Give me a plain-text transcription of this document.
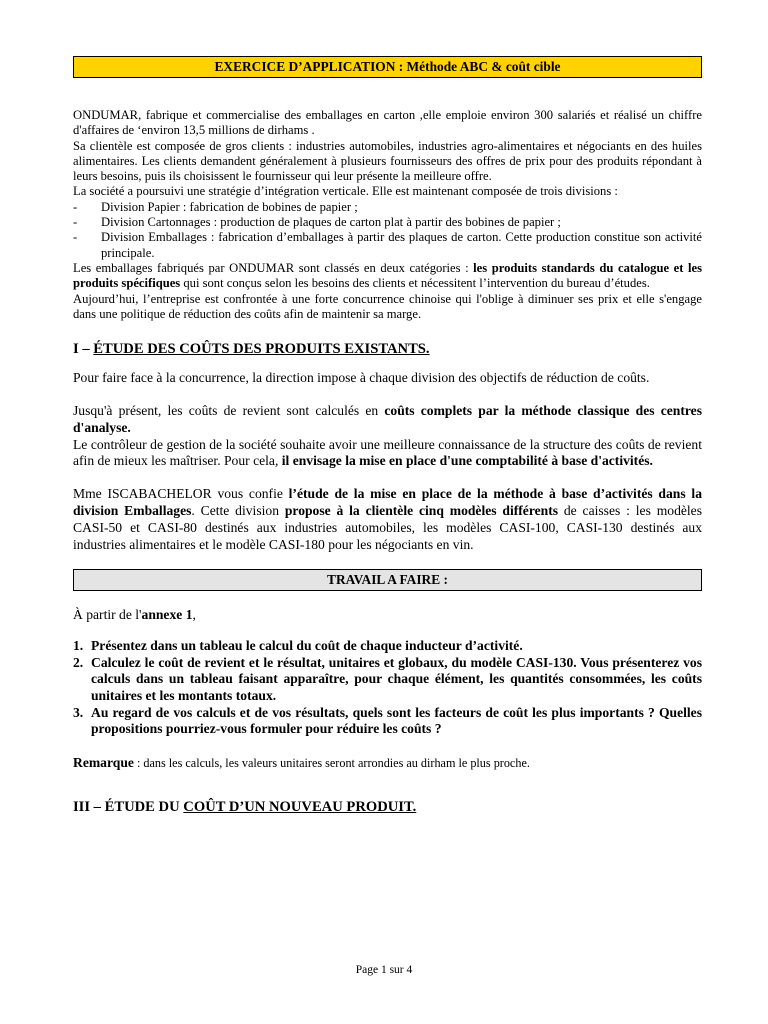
EXERCICE D’APPLICATION : Méthode ABC & coût cible

ONDUMAR, fabrique et commercialise des emballages en carton ,elle emploie environ 300 salariés et réalisé un chiffre d'affaires de ‘environ 13,5 millions de dirhams .

Sa clientèle est composée de gros clients : industries automobiles, industries agro-alimentaires et négociants en des huiles alimentaires. Les clients demandent généralement à plusieurs fournisseurs des offres de prix pour des produits répondant à leurs besoins, puis ils choisissent le fournisseur qui leur présente la meilleure offre.

La société a poursuivi une stratégie d’intégration verticale. Elle est maintenant composée de trois divisions :

- Division Papier : fabrication de bobines de papier ;
- Division Cartonnages : production de plaques de carton plat à partir des bobines de papier ;
- Division Emballages : fabrication d’emballages à partir des plaques de carton. Cette production constitue son activité principale.

Les emballages fabriqués par ONDUMAR sont classés en deux catégories : les produits standards du catalogue et les produits spécifiques qui sont conçus selon les besoins des clients et nécessitent l’intervention du bureau d’études.

Aujourd’hui, l’entreprise est confrontée à une forte concurrence chinoise qui l'oblige à diminuer ses prix et elle s'engage dans une politique de réduction des coûts afin de maintenir sa marge.

I – ÉTUDE DES COÛTS DES PRODUITS EXISTANTS.

Pour faire face à la concurrence, la direction impose à chaque division des objectifs de réduction de coûts.

Jusqu'à présent, les coûts de revient sont calculés en coûts complets par la méthode classique des centres d'analyse.

Le contrôleur de gestion de la société souhaite avoir une meilleure connaissance de la structure des coûts de revient afin de mieux les maîtriser. Pour cela, il envisage la mise en place d'une comptabilité à base d'activités.

Mme ISCABACHELOR vous confie l’étude de la mise en place de la méthode à base d’activités dans la division Emballages. Cette division propose à la clientèle cinq modèles différents de caisses : les modèles CASI-50 et CASI-80 destinés aux industries automobiles, les modèles CASI-100, CASI-130 destinés aux industries alimentaires et le modèle CASI-180 pour les négociants en vin.

TRAVAIL A FAIRE :

À partir de l'annexe 1,

1. Présentez dans un tableau le calcul du coût de chaque inducteur d’activité.
2. Calculez le coût de revient et le résultat, unitaires et globaux, du modèle CASI-130. Vous présenterez vos calculs dans un tableau faisant apparaître, pour chaque élément, les quantités consommées, les coûts unitaires et les montants totaux.
3. Au regard de vos calculs et de vos résultats, quels sont les facteurs de coût les plus importants ? Quelles propositions pourriez-vous formuler pour réduire les coûts ?
Remarque : dans les calculs, les valeurs unitaires seront arrondies au dirham le plus proche.
III – ÉTUDE DU COÛT D’UN NOUVEAU PRODUIT.
Page 1 sur 4
